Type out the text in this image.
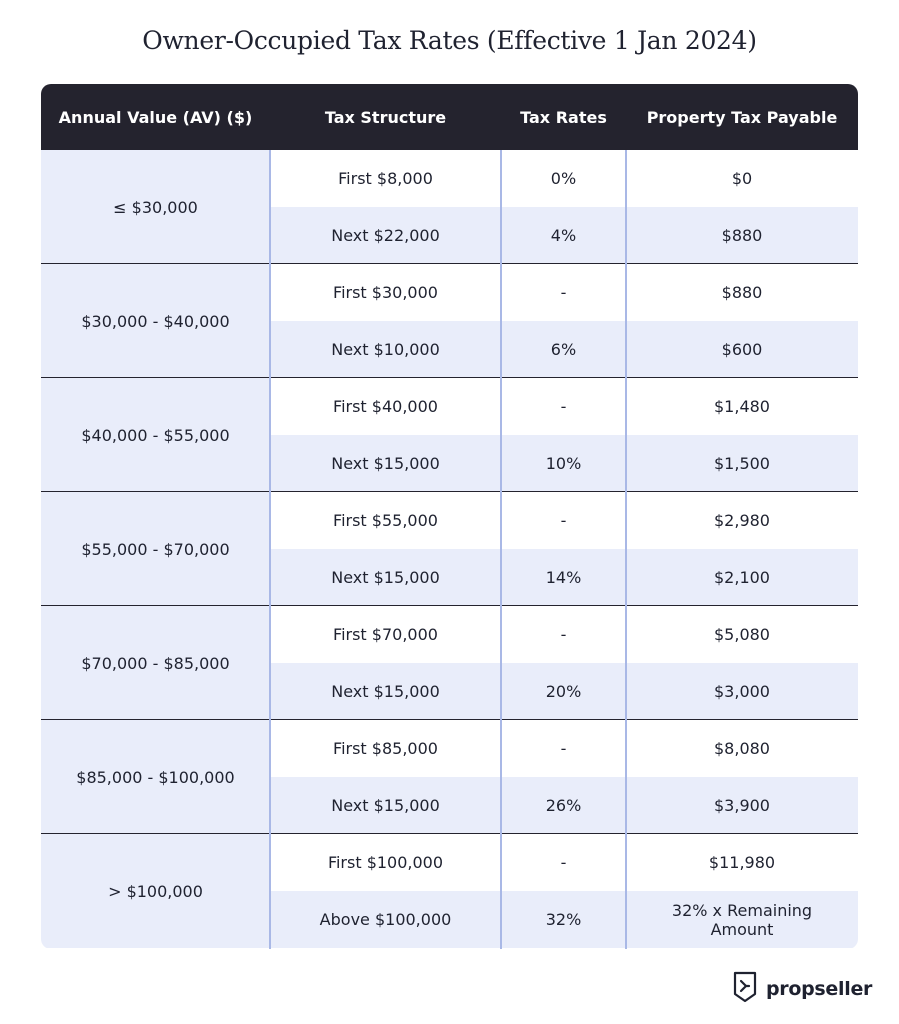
Owner-Occupied Tax Rates (Effective 1 Jan 2024)
Annual Value (AV) ($)	Tax Structure	Tax Rates	Property Tax Payable
≤ $30,000
First $8,000	0%	$0
Next $22,000	4%	$880
$30,000 - $40,000
First $30,000	-	$880
Next $10,000	6%	$600
$40,000 - $55,000
First $40,000	-	$1,480
Next $15,000	10%	$1,500
$55,000 - $70,000
First $55,000	-	$2,980
Next $15,000	14%	$2,100
$70,000 - $85,000
First $70,000	-	$5,080
Next $15,000	20%	$3,000
$85,000 - $100,000
First $85,000	-	$8,080
Next $15,000	26%	$3,900
> $100,000
First $100,000	-	$11,980
Above $100,000	32%	32% x Remaining Amount
propseller
